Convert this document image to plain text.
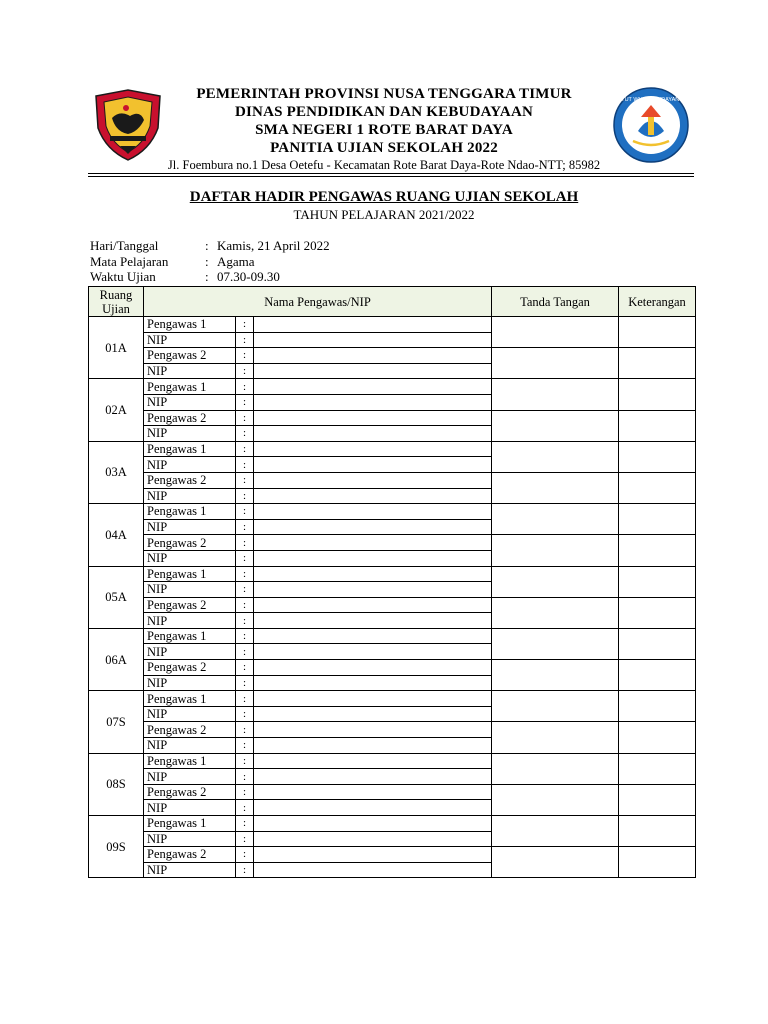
TUT WURI HANDAYANI
PEMERINTAH PROVINSI NUSA TENGGARA TIMUR
DINAS PENDIDIKAN DAN KEBUDAYAAN
SMA NEGERI 1 ROTE BARAT DAYA
PANITIA UJIAN SEKOLAH 2022
Jl. Foembura no.1 Desa Oetefu - Kecamatan Rote Barat Daya-Rote Ndao-NTT; 85982
DAFTAR HADIR PENGAWAS RUANG UJIAN SEKOLAH
TAHUN PELAJARAN 2021/2022
Hari/Tanggal	: Kamis, 21 April 2022
Mata Pelajaran	: Agama
Waktu Ujian	: 07.30-09.30
Ruang Ujian	Nama Pengawas/NIP			Tanda Tangan	Keterangan
01A	Pengawas 1	:			
	NIP	:			
	Pengawas 2	:			
	NIP	:			
02A	Pengawas 1	:			
	NIP	:			
	Pengawas 2	:			
	NIP	:			
03A	Pengawas 1	:			
	NIP	:			
	Pengawas 2	:			
	NIP	:			
04A	Pengawas 1	:			
	NIP	:			
	Pengawas 2	:			
	NIP	:			
05A	Pengawas 1	:			
	NIP	:			
	Pengawas 2	:			
	NIP	:			
06A	Pengawas 1	:			
	NIP	:			
	Pengawas 2	:			
	NIP	:			
07S	Pengawas 1	:			
	NIP	:			
	Pengawas 2	:			
	NIP	:			
08S	Pengawas 1	:			
	NIP	:			
	Pengawas 2	:			
	NIP	:			
09S	Pengawas 1	:			
	NIP	:			
	Pengawas 2	:			
	NIP	:			
